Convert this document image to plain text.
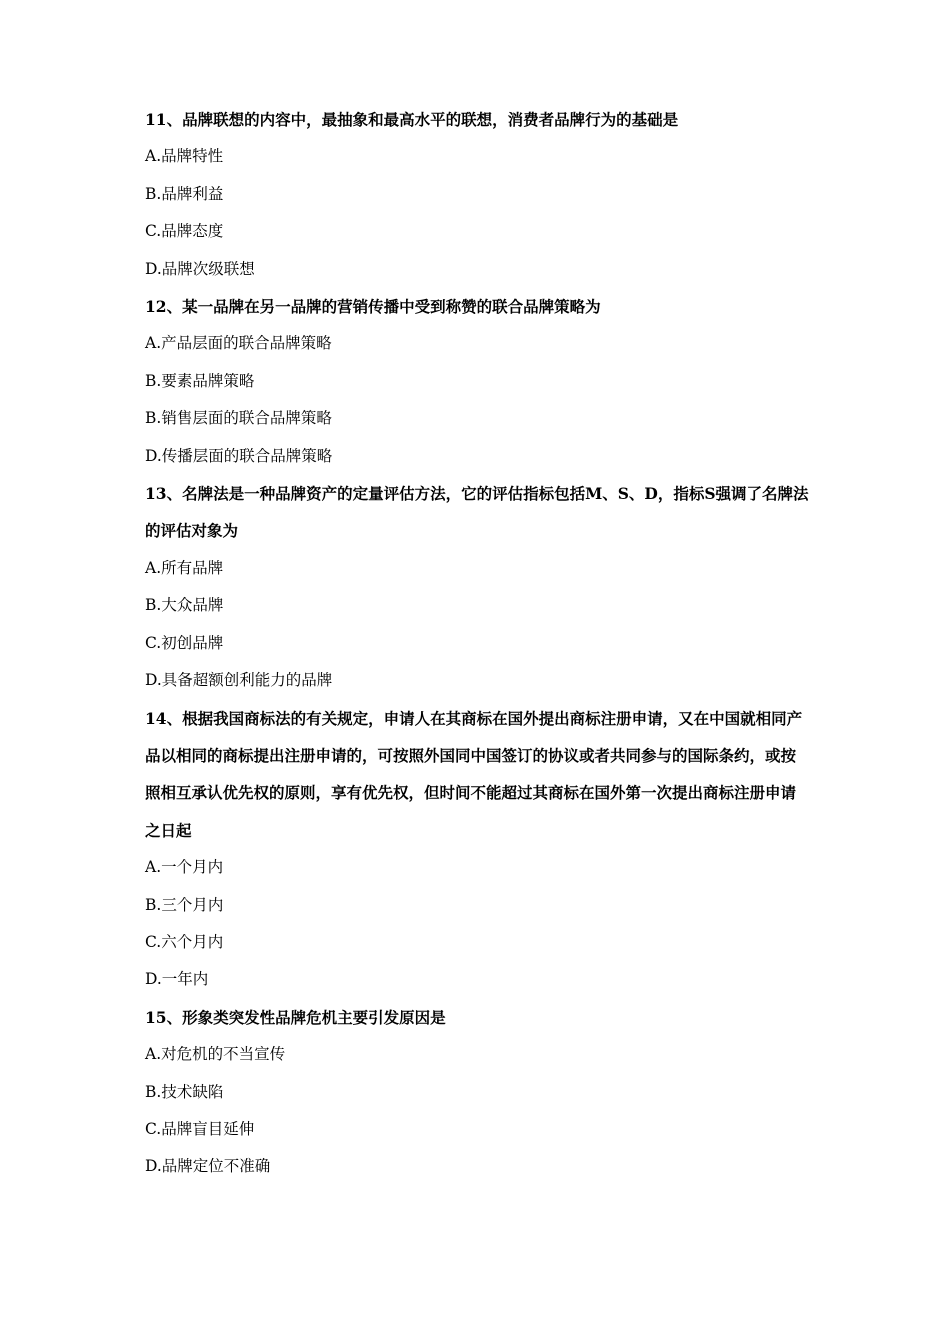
11、品牌联想的内容中，最抽象和最高水平的联想，消费者品牌行为的基础是

A.品牌特性

B.品牌利益

C.品牌态度

D.品牌次级联想

12、某一品牌在另一品牌的营销传播中受到称赞的联合品牌策略为

A.产品层面的联合品牌策略

B.要素品牌策略

B.销售层面的联合品牌策略

D.传播层面的联合品牌策略

13、名牌法是一种品牌资产的定量评估方法，它的评估指标包括M、S、D，指标S强调了名牌法的评估对象为

A.所有品牌

B.大众品牌

C.初创品牌

D.具备超额创利能力的品牌

14、根据我国商标法的有关规定，申请人在其商标在国外提出商标注册申请，又在中国就相同产品以相同的商标提出注册申请的，可按照外国同中国签订的协议或者共同参与的国际条约，或按照相互承认优先权的原则，享有优先权，但时间不能超过其商标在国外第一次提出商标注册申请之日起

A.一个月内

B.三个月内

C.六个月内

D.一年内

15、形象类突发性品牌危机主要引发原因是

A.对危机的不当宣传

B.技术缺陷

C.品牌盲目延伸

D.品牌定位不准确
